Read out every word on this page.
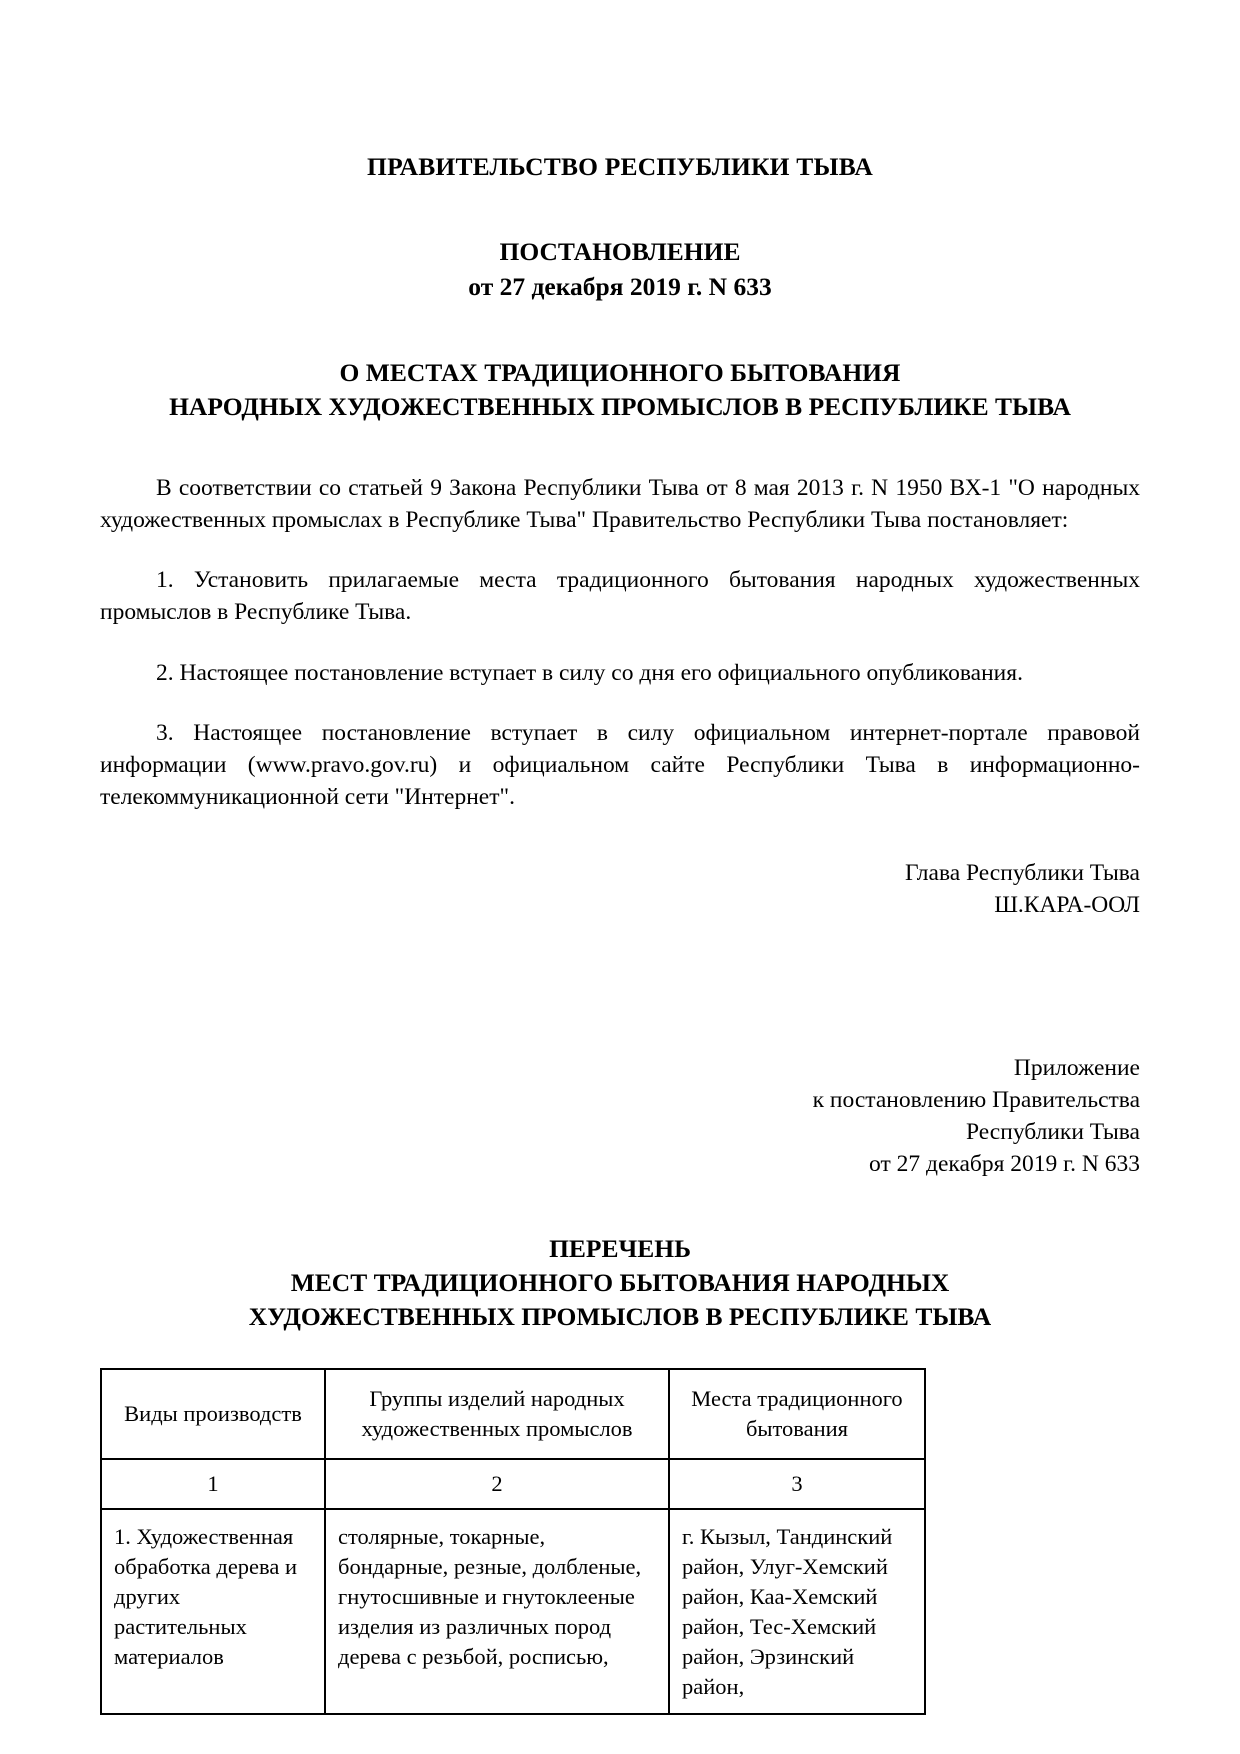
ПРАВИТЕЛЬСТВО РЕСПУБЛИКИ ТЫВА
ПОСТАНОВЛЕНИЕ
от 27 декабря 2019 г. N 633
О МЕСТАХ ТРАДИЦИОННОГО БЫТОВАНИЯ
НАРОДНЫХ ХУДОЖЕСТВЕННЫХ ПРОМЫСЛОВ В РЕСПУБЛИКЕ ТЫВА

В соответствии со статьей 9 Закона Республики Тыва от 8 мая 2013 г. N 1950 ВХ-1 "О народных художественных промыслах в Республике Тыва" Правительство Республики Тыва постановляет:

1. Установить прилагаемые места традиционного бытования народных художественных промыслов в Республике Тыва.

2. Настоящее постановление вступает в силу со дня его официального опубликования.

3. Настоящее постановление вступает в силу официальном интернет-портале правовой информации (www.pravo.gov.ru) и официальном сайте Республики Тыва в информационно-телекоммуникационной сети "Интернет".

Глава Республики Тыва
Ш.КАРА-ООЛ
Приложение
к постановлению Правительства
Республики Тыва
от 27 декабря 2019 г. N 633
ПЕРЕЧЕНЬ
МЕСТ ТРАДИЦИОННОГО БЫТОВАНИЯ НАРОДНЫХ
ХУДОЖЕСТВЕННЫХ ПРОМЫСЛОВ В РЕСПУБЛИКЕ ТЫВА
Виды производств	Группы изделий народных художественных промыслов	Места традиционного бытования
1	2	3
1. Художественная обработка дерева и других растительных материалов	столярные, токарные, бондарные, резные, долбленые, гнутосшивные и гнутоклееные изделия из различных пород дерева с резьбой, росписью,	г. Кызыл, Тандинский район, Улуг-Хемский район, Каа-Хемский район, Тес-Хемский район, Эрзинский район,
